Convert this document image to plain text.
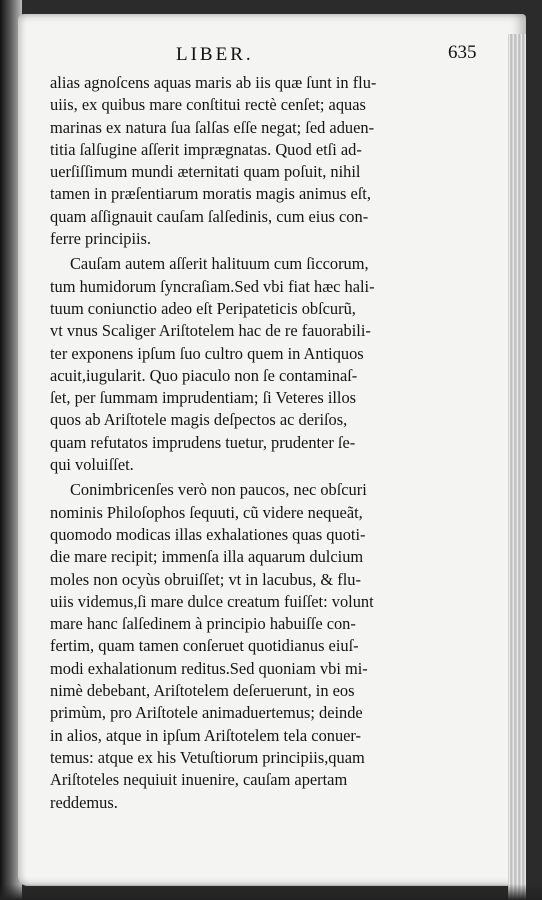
LIBER.	635
alias agnoſcens aquas maris ab iis quæ ſunt in flu-
uiis, ex quibus mare conſtitui rectè cenſet; aquas
marinas ex natura ſua ſalſas eſſe negat; ſed aduen-
titia ſalſugine aſſerit imprægnatas. Quod etſi ad-
uerſiſſimum mundi æternitati quam poſuit, nihil
tamen in præſentiarum moratis magis animus eſt,
quam aſſignauit cauſam ſalſedinis, cum eius con-
ferre principiis.
Cauſam autem aſſerit halituum cum ſiccorum,
tum humidorum ſyncraſiam.Sed vbi fiat hæc hali-
tuum coniunctio adeo eſt Peripateticis obſcurũ,
vt vnus Scaliger Ariſtotelem hac de re fauorabili-
ter exponens ipſum ſuo cultro quem in Antiquos
acuit,iugularit. Quo piaculo non ſe contaminaſ-
ſet, per ſummam imprudentiam; ſi Veteres illos
quos ab Ariſtotele magis deſpectos ac deriſos,
quam refutatos imprudens tuetur, prudenter ſe-
qui voluiſſet.
Conimbricenſes verò non paucos, nec obſcuri
nominis Philoſophos ſequuti, cũ videre nequeãt,
quomodo modicas illas exhalationes quas quoti-
die mare recipit; immenſa illa aquarum dulcium
moles non ocyùs obruiſſet; vt in lacubus, & flu-
uiis videmus,ſi mare dulce creatum fuiſſet: volunt
mare hanc ſalſedinem à principio habuiſſe con-
fertim, quam tamen conſeruet quotidianus eiuſ-
modi exhalationum reditus.Sed quoniam vbi mi-
nimè debebant, Ariſtotelem deſeruerunt, in eos
primùm, pro Ariſtotele animaduertemus; deinde
in alios, atque in ipſum Ariſtotelem tela conuer-
temus: atque ex his Vetuſtiorum principiis,quam
Ariſtoteles nequiuit inuenire, cauſam apertam
reddemus.
